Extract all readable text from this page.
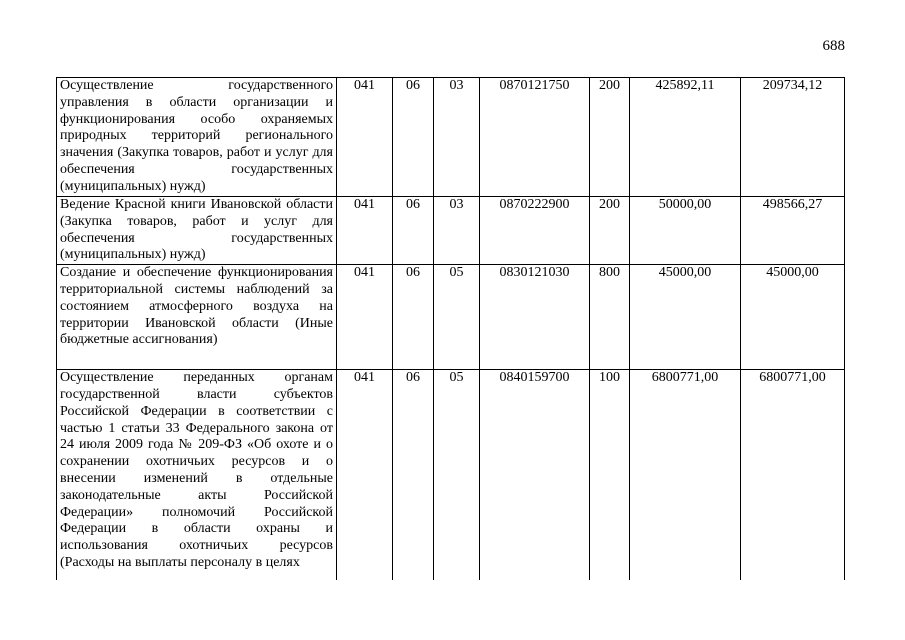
688
Осуществление государственного управления в области организации и функционирования особо охраняемых природных территорий регионального значения (Закупка товаров, работ и услуг для обеспечения государственных (муниципальных) нужд)	041	06	03	0870121750	200	425892,11	209734,12
Ведение Красной книги Ивановской области (Закупка товаров, работ и услуг для обеспечения государственных (муниципальных) нужд)	041	06	03	0870222900	200	50000,00	498566,27
Создание и обеспечение функционирования территориальной системы наблюдений за состоянием атмосферного воздуха на территории Ивановской области (Иные бюджетные ассигнования)	041	06	05	0830121030	800	45000,00	45000,00
Осуществление переданных органам государственной власти субъектов Российской Федерации в соответствии с частью 1 статьи 33 Федерального закона от 24 июля 2009 года № 209-ФЗ «Об охоте и о сохранении охотничьих ресурсов и о внесении изменений в отдельные законодательные акты Российской Федерации» полномочий Российской Федерации в области охраны и использования охотничьих ресурсов (Расходы на выплаты персоналу в целях	041	06	05	0840159700	100	6800771,00	6800771,00
